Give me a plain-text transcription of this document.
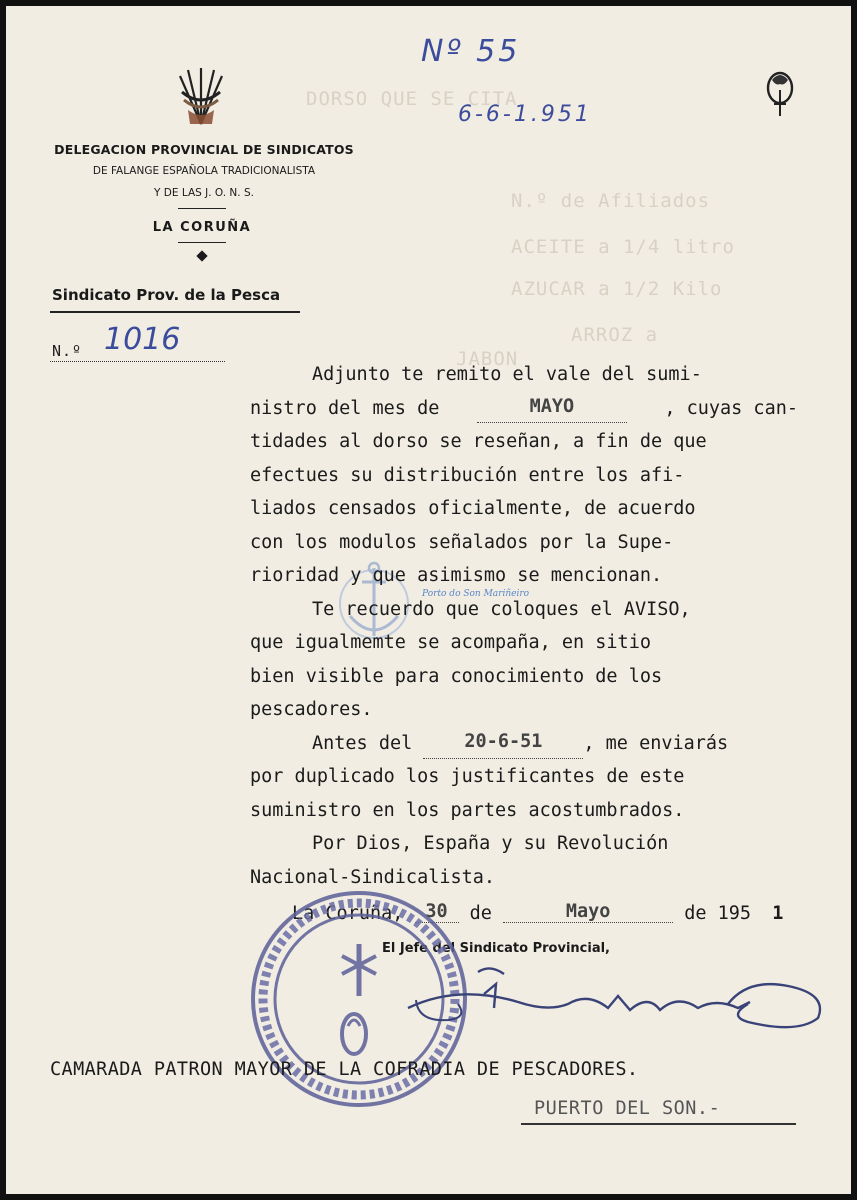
DELEGACION PROVINCIAL DE SINDICATOS
DE FALANGE ESPAÑOLA TRADICIONALISTA
Y DE LAS J. O. N. S.
LA CORUÑA
Nº 55
6-6-1.951
DORSO QUE SE CITA
N.º de Afiliados
ACEITE a 1/4 litro
AZUCAR a 1/2 Kilo
ARROZ a
JABON
Sindicato Prov. de la Pesca
N.º 1016
Porto do Son Mariñeiro
Adjunto te remito el vale del sumi-
nistro del mes de	MAYO	, cuyas can-
tidades al dorso se reseñan, a fin de que
efectues su distribución entre los afi-
liados censados oficialmente, de acuerdo
con los modulos señalados por la Supe-
rioridad y que asimismo se mencionan.
Te recuerdo que coloques el AVISO,
que igualmemte se acompaña, en sitio
bien visible para conocimiento de los
pescadores.
Antes del	20-6-51 , me enviarás
por duplicado los justificantes de este
suministro en los partes acostumbrados.
Por Dios, España y su Revolución
Nacional-Sindicalista.
La Coruña, 30 de	Mayo	de 195 1
El Jefe del Sindicato Provincial,
CAMARADA PATRON MAYOR DE LA COFRADIA DE PESCADORES.
PUERTO DEL SON.-
